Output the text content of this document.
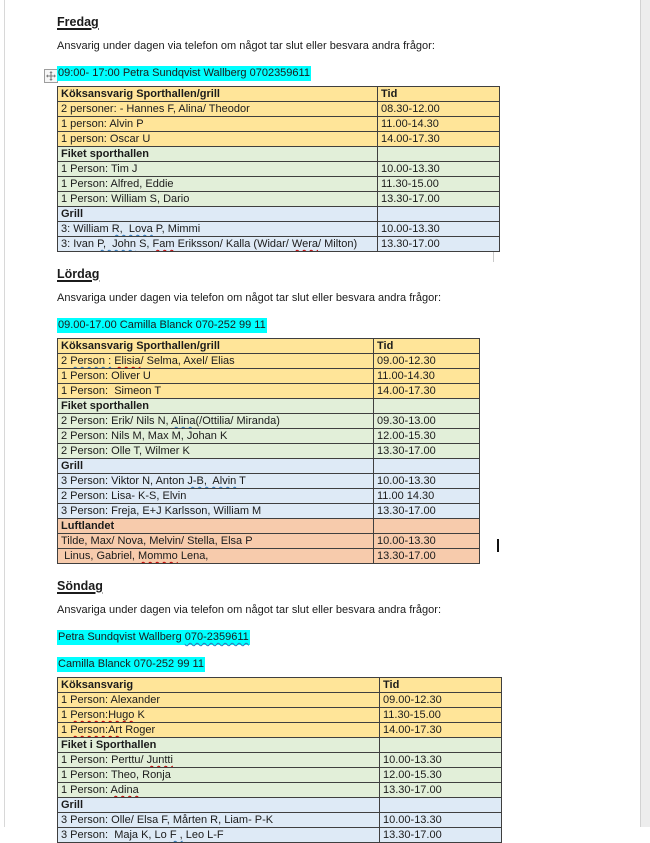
Fredag
Ansvarig under dagen via telefon om något tar slut eller besvara andra frågor:
09:00- 17:00 Petra Sundqvist Wallberg 0702359611
Köksansvarig Sporthallen/grill	Tid
2 personer: - Hannes F, Alina/ Theodor	08.30-12.00
1 person: Alvin P	11.00-14.30
1 person: Oscar U	14.00-17.30
Fiket sporthallen	
1 Person: Tim J	10.00-13.30
1 Person: Alfred, Eddie	11.30-15.00
1 Person: William S, Dario	13.30-17.00
Grill	
3: William R,  Lova P, Mimmi	10.00-13.30
3: Ivan P,  John S, Fam Eriksson/ Kalla (Widar/ Wera/ Milton)	13.30-17.00
Lördag
Ansvariga under dagen via telefon om något tar slut eller besvara andra frågor:
09.00-17.00 Camilla Blanck 070-252 99 11
Köksansvarig Sporthallen/grill	Tid
2 Person : Elisia/ Selma, Axel/ Elias	09.00-12.30
1 Person: Oliver U	11.00-14.30
1 Person:  Simeon T	14.00-17.30
Fiket sporthallen	
2 Person: Erik/ Nils N, Alina(/Ottilia/ Miranda)	09.30-13.00
2 Person: Nils M, Max M, Johan K	12.00-15.30
2 Person: Olle T, Wilmer K	13.30-17.00
Grill	
3 Person: Viktor N, Anton J-B,  Alvin T	10.00-13.30
2 Person: Lisa- K-S, Elvin	11.00 14.30
3 Person: Freja, E+J Karlsson, William M	13.30-17.00
Luftlandet	
Tilde, Max/ Nova, Melvin/ Stella, Elsa P	10.00-13.30
Linus, Gabriel, Mommo Lena,	13.30-17.00
Söndag
Ansvariga under dagen via telefon om något tar slut eller besvara andra frågor:
Petra Sundqvist Wallberg 070-2359611
Camilla Blanck 070-252 99 11
Köksansvarig	Tid
1 Person: Alexander	09.00-12.30
1 Person:Hugo K	11.30-15.00
1 Person:Art Roger	14.00-17.30
Fiket i Sporthallen	
1 Person: Perttu/ Juntti	10.00-13.30
1 Person: Theo, Ronja	12.00-15.30
1 Person: Adina	13.30-17.00
Grill	
3 Person: Olle/ Elsa F, Mårten R, Liam- P-K	10.00-13.30
3 Person:  Maja K, Lo F , Leo L-F	13.30-17.00
